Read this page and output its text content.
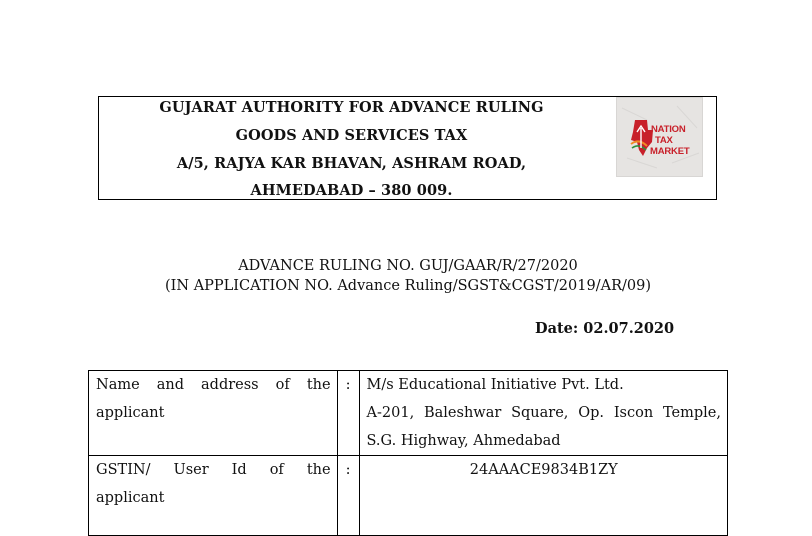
GUJARAT AUTHORITY FOR ADVANCE RULING
GOODS AND SERVICES TAX
A/5, RAJYA KAR BHAVAN, ASHRAM ROAD,
AHMEDABAD – 380 009.
NATION
TAX
MARKET
ADVANCE RULING NO. GUJ/GAAR/R/27/2020
(IN APPLICATION NO. Advance Ruling/SGST&CGST/2019/AR/09)
Date: 02.07.2020
Name and address of the
applicant	:	M/s Educational Initiative Pvt. Ltd.
A-201, Baleshwar Square, Op. Iscon Temple,
S.G. Highway, Ahmedabad

GSTIN/ User Id of the
applicant	:	24AAACE9834B1ZY
